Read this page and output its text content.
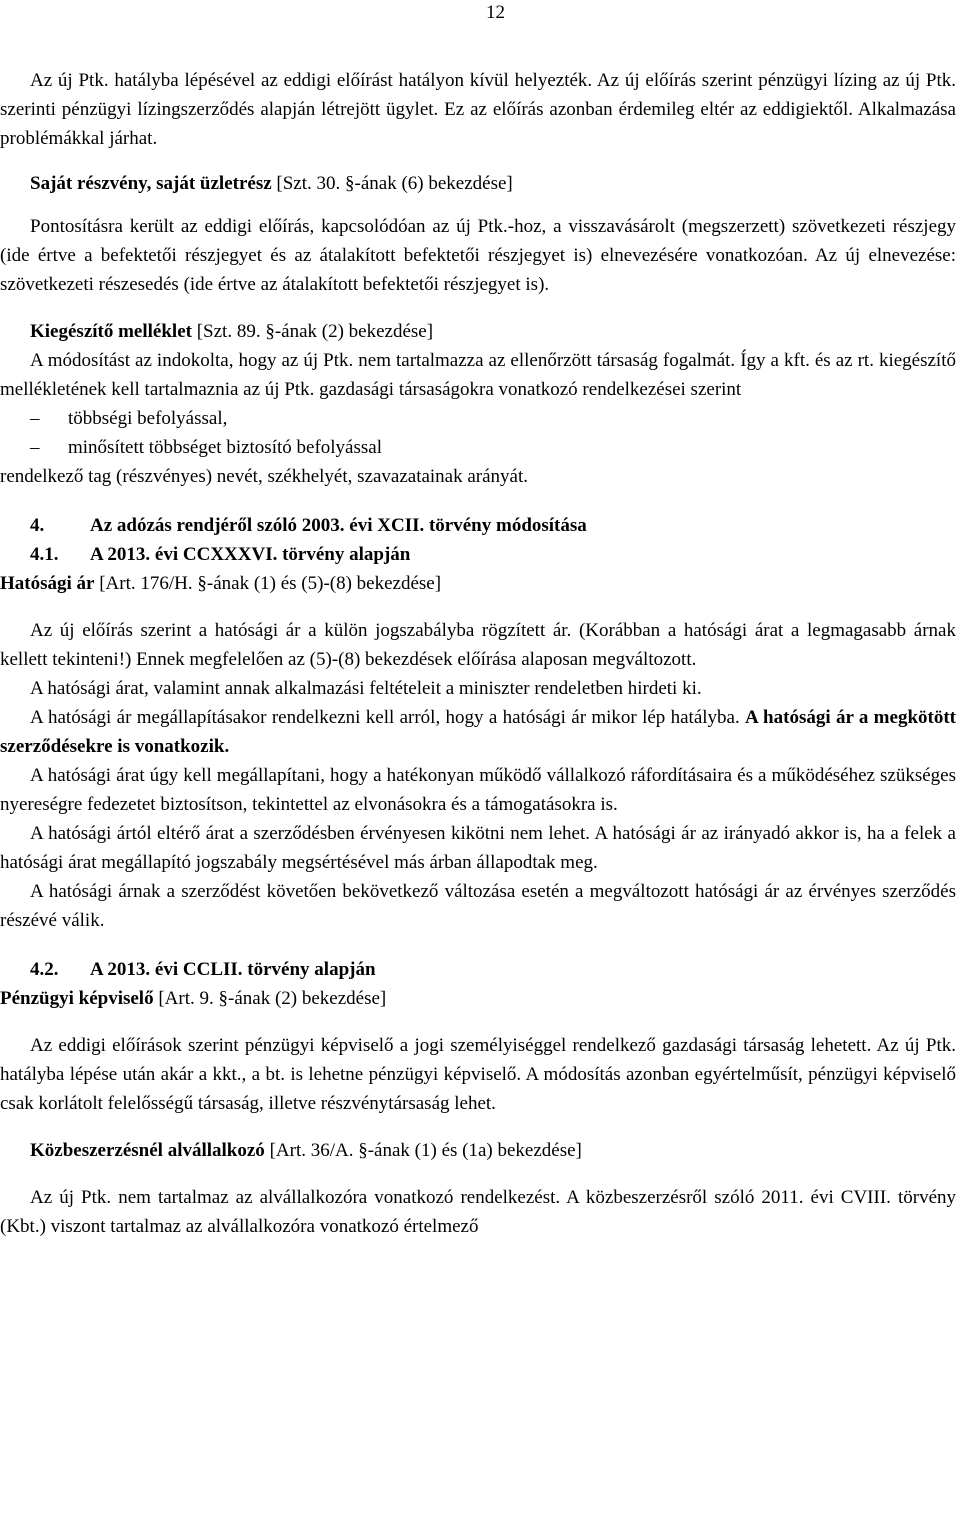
12

Az új Ptk. hatályba lépésével az eddigi előírást hatályon kívül helyezték. Az új előírás szerint pénzügyi lízing az új Ptk. szerinti pénzügyi lízingszerződés alapján létrejött ügylet. Ez az előírás azonban érdemileg eltér az eddigiektől. Alkalmazása problémákkal járhat.

Saját részvény, saját üzletrész [Szt. 30. §-ának (6) bekezdése]

Pontosításra került az eddigi előírás, kapcsolódóan az új Ptk.-hoz, a visszavásárolt (megszerzett) szövetkezeti részjegy (ide értve a befektetői részjegyet és az átalakított befektetői részjegyet is) elnevezésére vonatkozóan. Az új elnevezése: szövetkezeti részesedés (ide értve az átalakított befektetői részjegyet is).

Kiegészítő melléklet [Szt. 89. §-ának (2) bekezdése]

A módosítást az indokolta, hogy az új Ptk. nem tartalmazza az ellenőrzött társaság fogalmát. Így a kft. és az rt. kiegészítő mellékletének kell tartalmaznia az új Ptk. gazdasági társaságokra vonatkozó rendelkezései szerint

– többségi befolyással,
– minősített többséget biztosító befolyással

rendelkező tag (részvényes) nevét, székhelyét, szavazatainak arányát.

4. Az adózás rendjéről szóló 2003. évi XCII. törvény módosítása
4.1. A 2013. évi CCXXXVI. törvény alapján
Hatósági ár [Art. 176/H. §-ának (1) és (5)-(8) bekezdése]

Az új előírás szerint a hatósági ár a külön jogszabályba rögzített ár. (Korábban a hatósági árat a legmagasabb árnak kellett tekinteni!) Ennek megfelelően az (5)-(8) bekezdések előírása alaposan megváltozott.

A hatósági árat, valamint annak alkalmazási feltételeit a miniszter rendeletben hirdeti ki.

A hatósági ár megállapításakor rendelkezni kell arról, hogy a hatósági ár mikor lép hatályba. A hatósági ár a megkötött szerződésekre is vonatkozik.

A hatósági árat úgy kell megállapítani, hogy a hatékonyan működő vállalkozó ráfordításaira és a működéséhez szükséges nyereségre fedezetet biztosítson, tekintettel az elvonásokra és a támogatásokra is.

A hatósági ártól eltérő árat a szerződésben érvényesen kikötni nem lehet. A hatósági ár az irányadó akkor is, ha a felek a hatósági árat megállapító jogszabály megsértésével más árban állapodtak meg.

A hatósági árnak a szerződést követően bekövetkező változása esetén a megváltozott hatósági ár az érvényes szerződés részévé válik.

4.2. A 2013. évi CCLII. törvény alapján
Pénzügyi képviselő [Art. 9. §-ának (2) bekezdése]

Az eddigi előírások szerint pénzügyi képviselő a jogi személyiséggel rendelkező gazdasági társaság lehetett. Az új Ptk. hatályba lépése után akár a kkt., a bt. is lehetne pénzügyi képviselő. A módosítás azonban egyértelműsít, pénzügyi képviselő csak korlátolt felelősségű társaság, illetve részvénytársaság lehet.

Közbeszerzésnél alvállalkozó [Art. 36/A. §-ának (1) és (1a) bekezdése]

Az új Ptk. nem tartalmaz az alvállalkozóra vonatkozó rendelkezést. A közbeszerzésről szóló 2011. évi CVIII. törvény (Kbt.) viszont tartalmaz az alvállalkozóra vonatkozó értelmező
